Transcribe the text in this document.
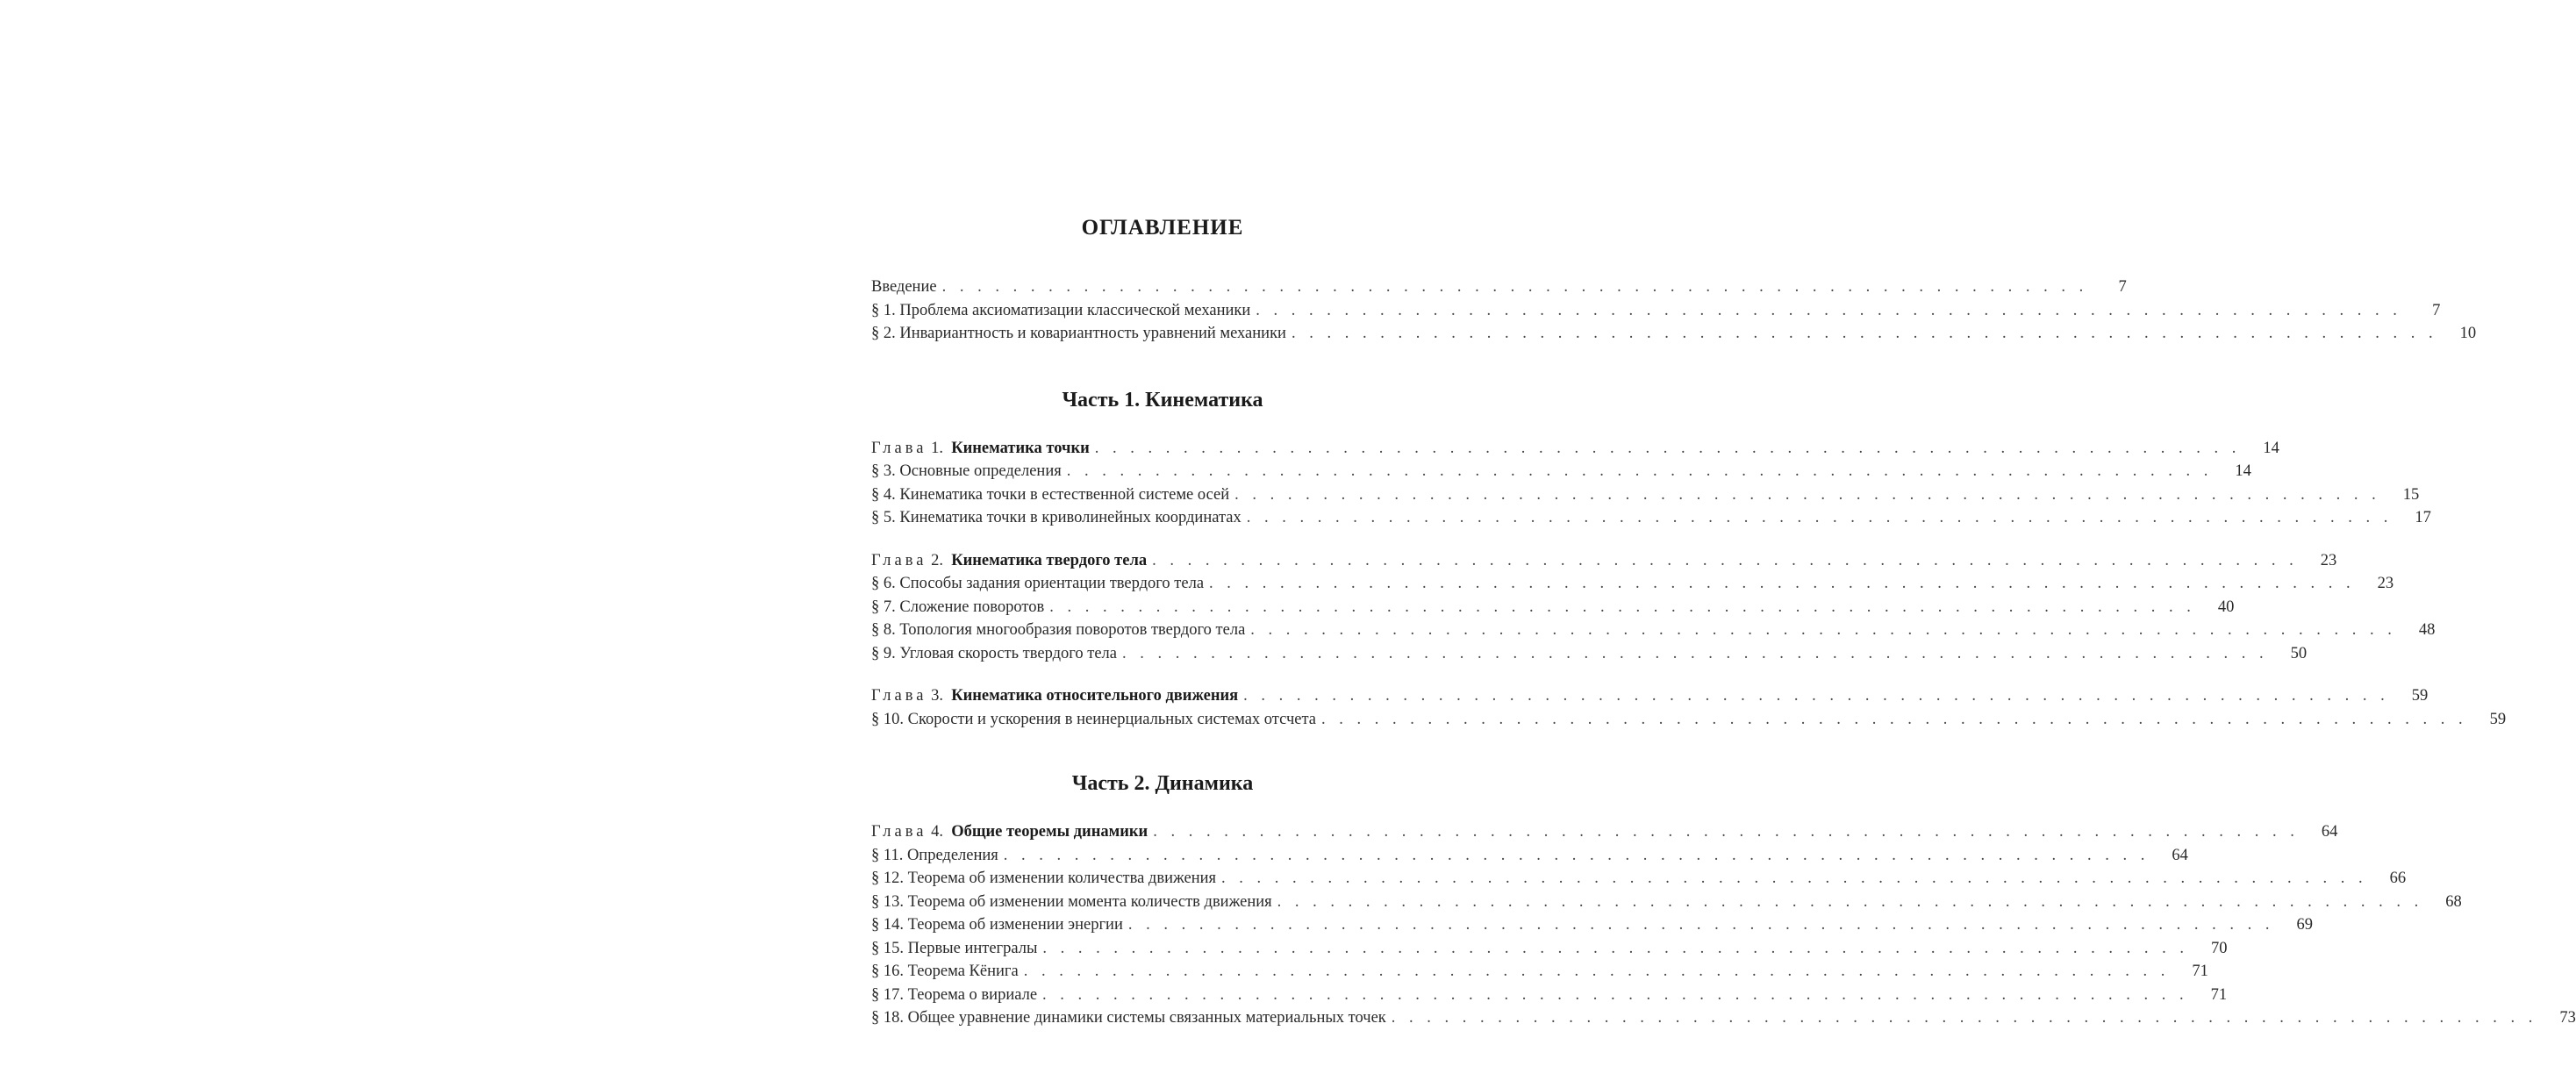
ОГЛАВЛЕНИЕ
Введение . . . . . . . . . . . . . . . . . . . . . . . . . . . . . . . . . . . . . . . . . . . . . . . . . . . . . . . . . . . . . . . . .	7
§ 1. Проблема аксиоматизации классической механики . . . . . . . . . . . . . . . . . . . . . . . . . . . . . . . . . . . . . . . . . . . . . . . . . . . . . . . . . . . . . . . . .	7
§ 2. Инвариантность и ковариантность уравнений механики . . . . . . . . . . . . . . . . . . . . . . . . . . . . . . . . . . . . . . . . . . . . . . . . . . . . . . . . . . . . . . . . .	10
Часть 1. Кинематика
Глава 1. Кинематика точки . . . . . . . . . . . . . . . . . . . . . . . . . . . . . . . . . . . . . . . . . . . . . . . . . . . . . . . . . . . . . . . . .	14
§ 3. Основные определения . . . . . . . . . . . . . . . . . . . . . . . . . . . . . . . . . . . . . . . . . . . . . . . . . . . . . . . . . . . . . . . . .	14
§ 4. Кинематика точки в естественной системе осей . . . . . . . . . . . . . . . . . . . . . . . . . . . . . . . . . . . . . . . . . . . . . . . . . . . . . . . . . . . . . . . . .	15
§ 5. Кинематика точки в криволинейных координатах . . . . . . . . . . . . . . . . . . . . . . . . . . . . . . . . . . . . . . . . . . . . . . . . . . . . . . . . . . . . . . . . .	17
Глава 2. Кинематика твердого тела . . . . . . . . . . . . . . . . . . . . . . . . . . . . . . . . . . . . . . . . . . . . . . . . . . . . . . . . . . . . . . . . .	23
§ 6. Способы задания ориентации твердого тела . . . . . . . . . . . . . . . . . . . . . . . . . . . . . . . . . . . . . . . . . . . . . . . . . . . . . . . . . . . . . . . . .	23
§ 7. Сложение поворотов . . . . . . . . . . . . . . . . . . . . . . . . . . . . . . . . . . . . . . . . . . . . . . . . . . . . . . . . . . . . . . . . .	40
§ 8. Топология многообразия поворотов твердого тела . . . . . . . . . . . . . . . . . . . . . . . . . . . . . . . . . . . . . . . . . . . . . . . . . . . . . . . . . . . . . . . . .	48
§ 9. Угловая скорость твердого тела . . . . . . . . . . . . . . . . . . . . . . . . . . . . . . . . . . . . . . . . . . . . . . . . . . . . . . . . . . . . . . . . .	50
Глава 3. Кинематика относительного движения . . . . . . . . . . . . . . . . . . . . . . . . . . . . . . . . . . . . . . . . . . . . . . . . . . . . . . . . . . . . . . . . .	59
§ 10. Скорости и ускорения в неинерциальных системах отсчета . . . . . . . . . . . . . . . . . . . . . . . . . . . . . . . . . . . . . . . . . . . . . . . . . . . . . . . . . . . . . . . . .	59
Часть 2. Динамика
Глава 4. Общие теоремы динамики . . . . . . . . . . . . . . . . . . . . . . . . . . . . . . . . . . . . . . . . . . . . . . . . . . . . . . . . . . . . . . . . .	64
§ 11. Определения . . . . . . . . . . . . . . . . . . . . . . . . . . . . . . . . . . . . . . . . . . . . . . . . . . . . . . . . . . . . . . . . .	64
§ 12. Теорема об изменении количества движения . . . . . . . . . . . . . . . . . . . . . . . . . . . . . . . . . . . . . . . . . . . . . . . . . . . . . . . . . . . . . . . . .	66
§ 13. Теорема об изменении момента количеств движения . . . . . . . . . . . . . . . . . . . . . . . . . . . . . . . . . . . . . . . . . . . . . . . . . . . . . . . . . . . . . . . . .	68
§ 14. Теорема об изменении энергии . . . . . . . . . . . . . . . . . . . . . . . . . . . . . . . . . . . . . . . . . . . . . . . . . . . . . . . . . . . . . . . . .	69
§ 15. Первые интегралы . . . . . . . . . . . . . . . . . . . . . . . . . . . . . . . . . . . . . . . . . . . . . . . . . . . . . . . . . . . . . . . . .	70
§ 16. Теорема Кёнига . . . . . . . . . . . . . . . . . . . . . . . . . . . . . . . . . . . . . . . . . . . . . . . . . . . . . . . . . . . . . . . . .	71
§ 17. Теорема о вириале . . . . . . . . . . . . . . . . . . . . . . . . . . . . . . . . . . . . . . . . . . . . . . . . . . . . . . . . . . . . . . . . .	71
§ 18. Общее уравнение динамики системы связанных материальных точек . . . . . . . . . . . . . . . . . . . . . . . . . . . . . . . . . . . . . . . . . . . . . . . . . . . . . . . . . . . . . . . . .	73
